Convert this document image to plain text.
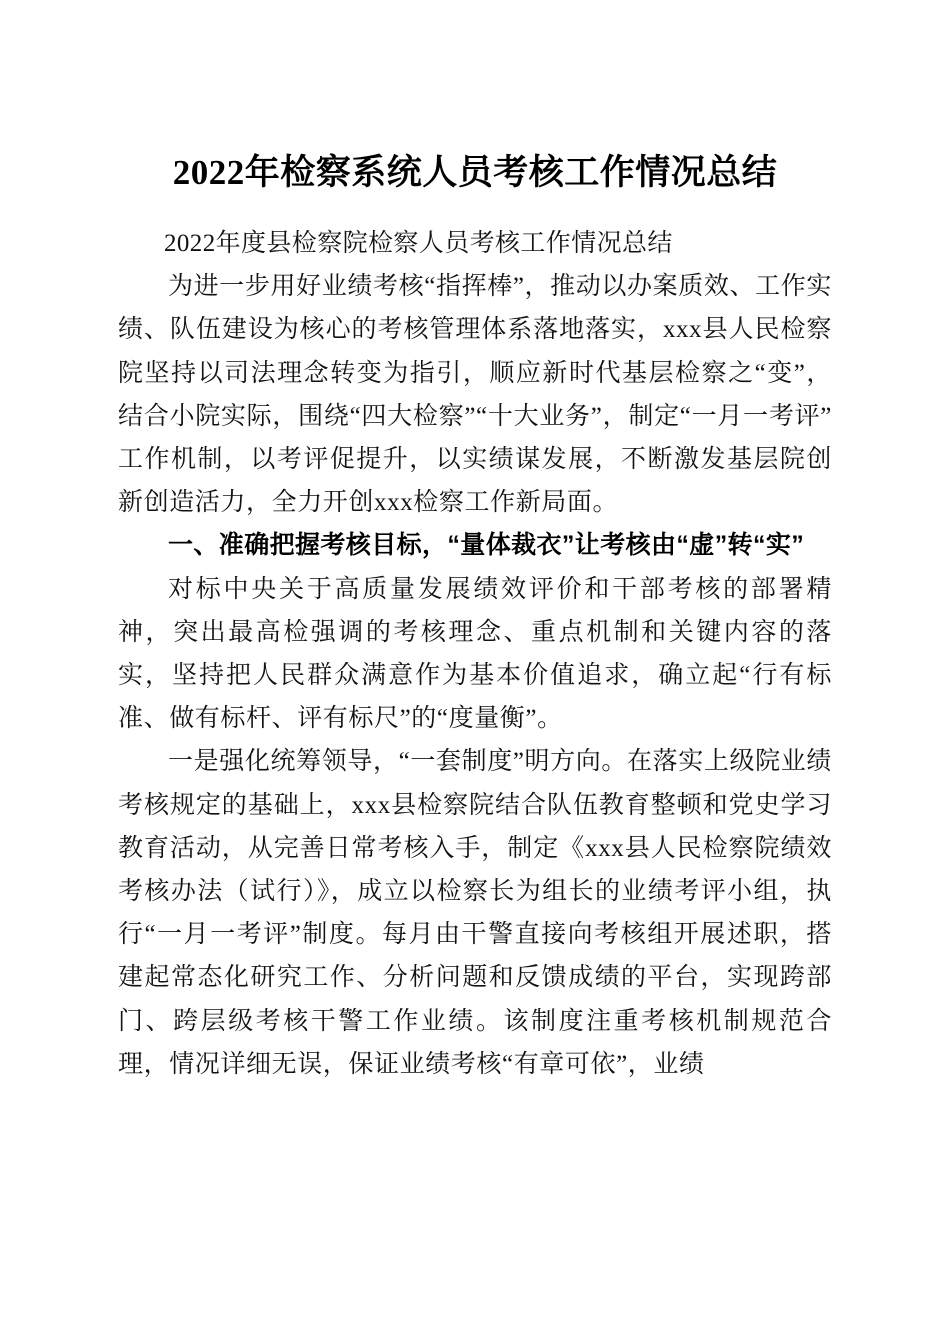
2022年检察系统人员考核工作情况总结

2022年度县检察院检察人员考核工作情况总结

为进一步用好业绩考核“指挥棒”，推动以办案质效、工作实绩、队伍建设为核心的考核管理体系落地落实，xxx县人民检察院坚持以司法理念转变为指引，顺应新时代基层检察之“变”，结合小院实际，围绕“四大检察”“十大业务”，制定“一月一考评”工作机制，以考评促提升，以实绩谋发展，不断激发基层院创新创造活力，全力开创xxx检察工作新局面。

一、准确把握考核目标，“量体裁衣”让考核由“虚”转“实”

对标中央关于高质量发展绩效评价和干部考核的部署精神，突出最高检强调的考核理念、重点机制和关键内容的落实，坚持把人民群众满意作为基本价值追求，确立起“行有标准、做有标杆、评有标尺”的“度量衡”。

一是强化统筹领导，“一套制度”明方向。在落实上级院业绩考核规定的基础上，xxx县检察院结合队伍教育整顿和党史学习教育活动，从完善日常考核入手，制定《xxx县人民检察院绩效考核办法（试行）》，成立以检察长为组长的业绩考评小组，执行“一月一考评”制度。每月由干警直接向考核组开展述职，搭建起常态化研究工作、分析问题和反馈成绩的平台，实现跨部门、跨层级考核干警工作业绩。该制度注重考核机制规范合理，情况详细无误，保证业绩考核“有章可依”，业绩
